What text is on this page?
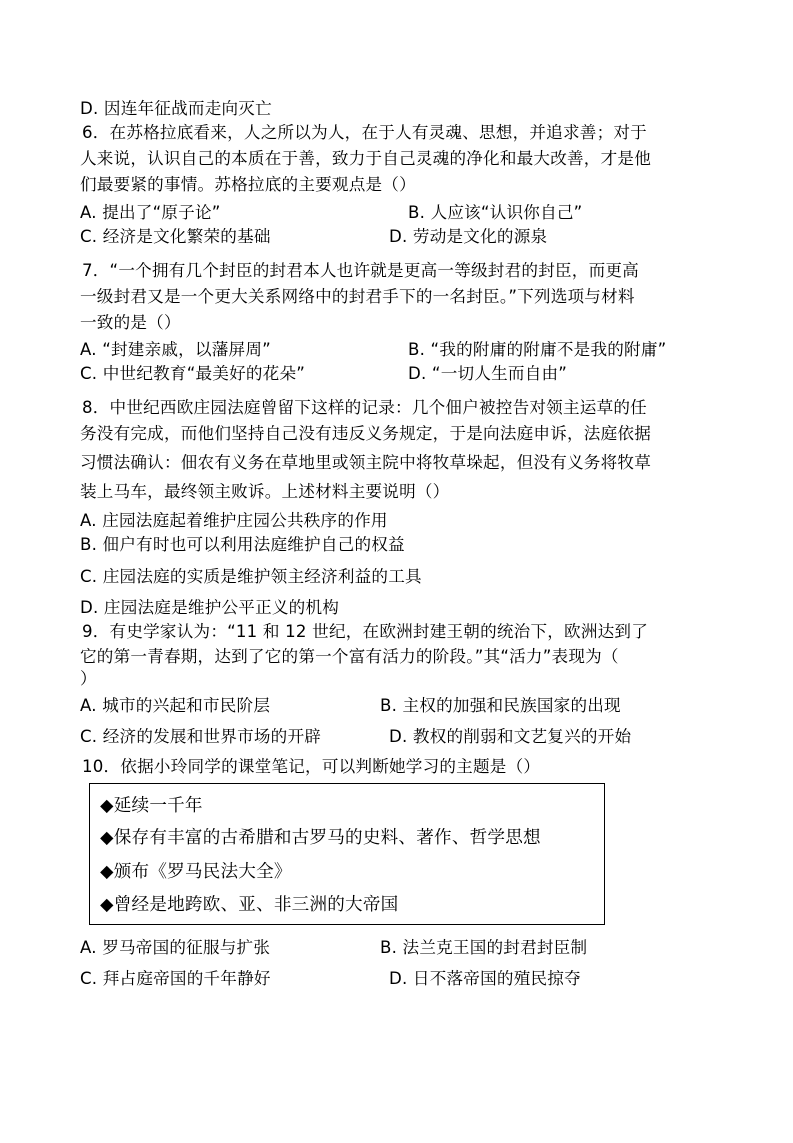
D. 因连年征战而走向灭亡
6．在苏格拉底看来，人之所以为人，在于人有灵魂、思想，并追求善；对于
人来说，认识自己的本质在于善，致力于自己灵魂的净化和最大改善，才是他
们最要紧的事情。苏格拉底的主要观点是（）
A. 提出了“原子论”	B. 人应该“认识你自己”
C. 经济是文化繁荣的基础	D. 劳动是文化的源泉
7．“一个拥有几个封臣的封君本人也许就是更高一等级封君的封臣，而更高
一级封君又是一个更大关系网络中的封君手下的一名封臣。”下列选项与材料
一致的是（）
A. “封建亲戚，以藩屏周”	B. “我的附庸的附庸不是我的附庸”
C. 中世纪教育“最美好的花朵”	D. “一切人生而自由”
8．中世纪西欧庄园法庭曾留下这样的记录：几个佃户被控告对领主运草的任
务没有完成，而他们坚持自己没有违反义务规定，于是向法庭申诉，法庭依据
习惯法确认：佃农有义务在草地里或领主院中将牧草垛起，但没有义务将牧草
装上马车，最终领主败诉。上述材料主要说明（）
A. 庄园法庭起着维护庄园公共秩序的作用
B. 佃户有时也可以利用法庭维护自己的权益
C. 庄园法庭的实质是维护领主经济利益的工具
D. 庄园法庭是维护公平正义的机构
9．有史学家认为：“11 和 12 世纪，在欧洲封建王朝的统治下，欧洲达到了
它的第一青春期，达到了它的第一个富有活力的阶段。”其“活力”表现为（
）
A. 城市的兴起和市民阶层	B. 主权的加强和民族国家的出现
C. 经济的发展和世界市场的开辟	D. 教权的削弱和文艺复兴的开始
10．依据小玲同学的课堂笔记，可以判断她学习的主题是（）
◆延续一千年
◆保存有丰富的古希腊和古罗马的史料、著作、哲学思想
◆颁布《罗马民法大全》
◆曾经是地跨欧、亚、非三洲的大帝国
A. 罗马帝国的征服与扩张	B. 法兰克王国的封君封臣制
C. 拜占庭帝国的千年静好	D. 日不落帝国的殖民掠夺
